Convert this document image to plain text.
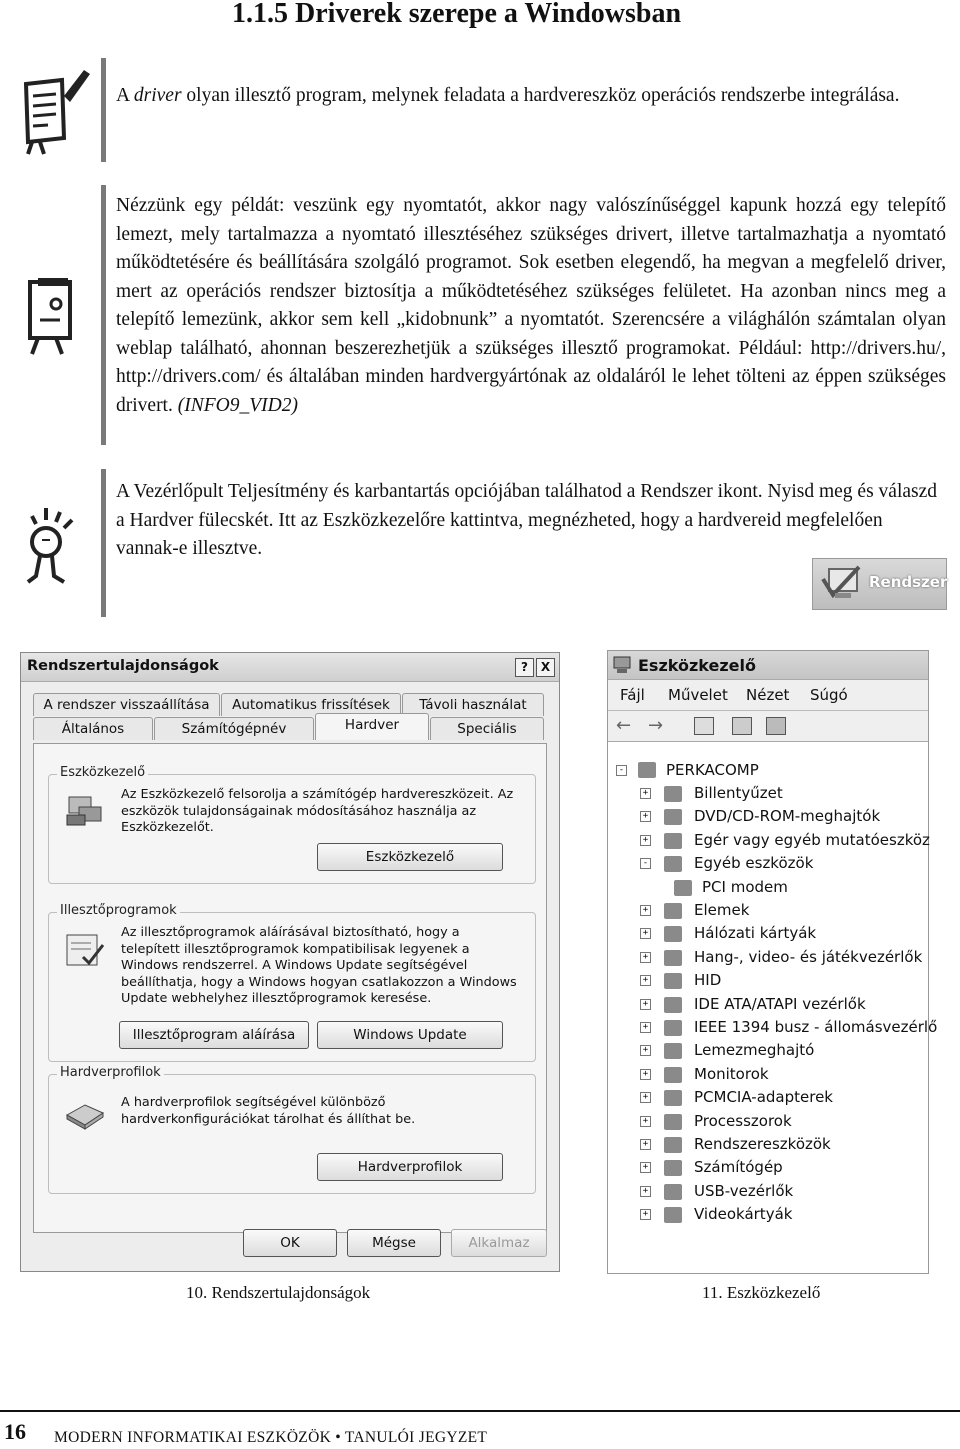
1.1.5 Driverek szerepe a Windowsban

A driver olyan illesztő program, melynek feladata a hardvereszköz operációs rendszerbe integrálása.

Nézzünk egy példát: veszünk egy nyomtatót, akkor nagy valószínűséggel kapunk hozzá egy telepítő lemezt, mely tartalmazza a nyomtató illesztéséhez szükséges drivert, illetve tartalmazhatja a nyomtató működtetésére és beállítására szolgáló programot. Sok esetben elegendő, ha megvan a megfelelő driver, mert az operációs rendszer biztosítja a működtetéséhez szükséges felületet. Ha azonban nincs meg a telepítő lemezünk, akkor sem kell „kidobnunk” a nyomtatót. Szerencsére a világhálón számtalan olyan weblap található, ahonnan beszerezhetjük a szükséges illesztő programokat. Például: http://drivers.hu/, http://drivers.com/ és általában minden hardvergyártónak az oldaláról le lehet tölteni az éppen szükséges drivert. (INFO9_VID2)

A Vezérlőpult Teljesítmény és karbantartás opciójában találhatod a Rendszer ikont. Nyisd meg és válaszd a Hardver fülecskét. Itt az Eszközkezelőre kattintva, megnézheted, hogy a hardvereid megfelelően vannak-e illesztve.

Rendszer
Rendszertulajdonságok	?	X
A rendszer visszaállítása	Automatikus frissítések	Távoli használat
Általános	Számítógépnév	Hardver	Speciális
Eszközkezelő
Az Eszközkezelő felsorolja a számítógép hardvereszközeit. Az eszközök tulajdonságainak módosításához használja az Eszközkezelőt.
Eszközkezelő
Illesztőprogramok
Az illesztőprogramok aláírásával biztosítható, hogy a telepített illesztőprogramok kompatibilisak legyenek a Windows rendszerrel. A Windows Update segítségével beállíthatja, hogy a Windows hogyan csatlakozzon a Windows Update webhelyhez illesztőprogramok keresése.
Illesztőprogram aláírása	Windows Update
Hardverprofilok
A hardverprofilok segítségével különböző hardverkonfigurációkat tárolhat és állíthat be.
Hardverprofilok
OK	Mégse	Alkalmaz
Eszközkezelő
Fájl Művelet Nézet Súgó
← →
-	PERKACOMP
+	Billentyűzet
+	DVD/CD-ROM-meghajtók
+	Egér vagy egyéb mutatóeszköz
-	Egyéb eszközök
PCI modem
+	Elemek
+	Hálózati kártyák
+	Hang-, video- és játékvezérlők
+	HID
+	IDE ATA/ATAPI vezérlők
+	IEEE 1394 busz - állomásvezérlő
+	Lemezmeghajtó
+	Monitorok
+	PCMCIA-adapterek
+	Processzorok
+	Rendszereszközök
+	Számítógép
+	USB-vezérlők
+	Videokártyák
10. Rendszertulajdonságok	11. Eszközkezelő
16 MODERN INFORMATIKAI ESZKÖZÖK • TANULÓI JEGYZET
